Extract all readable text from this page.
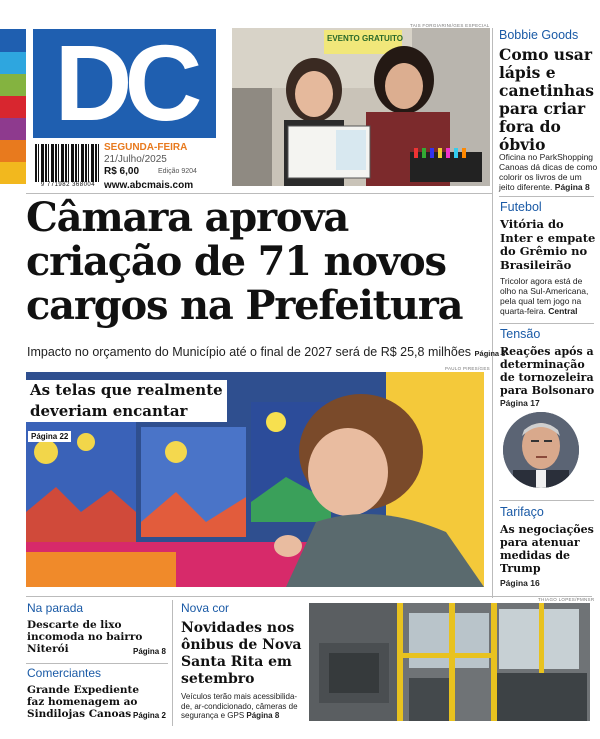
DC
9 771982 368004
SEGUNDA-FEIRA
21/Julho/2025
R$ 6,00	Edição 9204
www.abcmais.com
TAIS FORGIARINI/GES ESPECIAL
EVENTO GRATUITO	Bobbie Goods
Como usar
lápis e
canetinhas
para criar
fora do
óbvio
Oficina no ParkShopping
Canoas dá dicas de como
colorir os livros de um
jeito diferente. Página 8
Câmara aprova
criação de 71 novos
cargos na Prefeitura
Impacto no orçamento do Município até o final de 2027 será de R$ 25,8 milhões Página 3
Futebol
Vitória do
Inter e empate
do Grêmio no
Brasileirão
Tricolor agora está de
olho na Sul-Americana,
pela qual tem jogo na
quarta-feira. Central
Tensão
Reações após a
determinação
de tornozeleira
para Bolsonaro
Página 17
Tarifaço
As negociações
para atenuar
medidas de
Trump
Página 16
PAULO PIRES/GES
As telas que realmente
deveriam encantar
Página 22
Na parada
Descarte de lixo
incomoda no bairro
Niterói	Página 8
Comerciantes
Grande Expediente
faz homenagem ao
Sindilojas Canoas Página 2
Nova cor
Novidades nos
ônibus de Nova
Santa Rita em
setembro
Veículos terão mais acessibilida-
de, ar-condicionado, câmeras de
segurança e GPS Página 8
THIAGO LOPES/PMNSR
